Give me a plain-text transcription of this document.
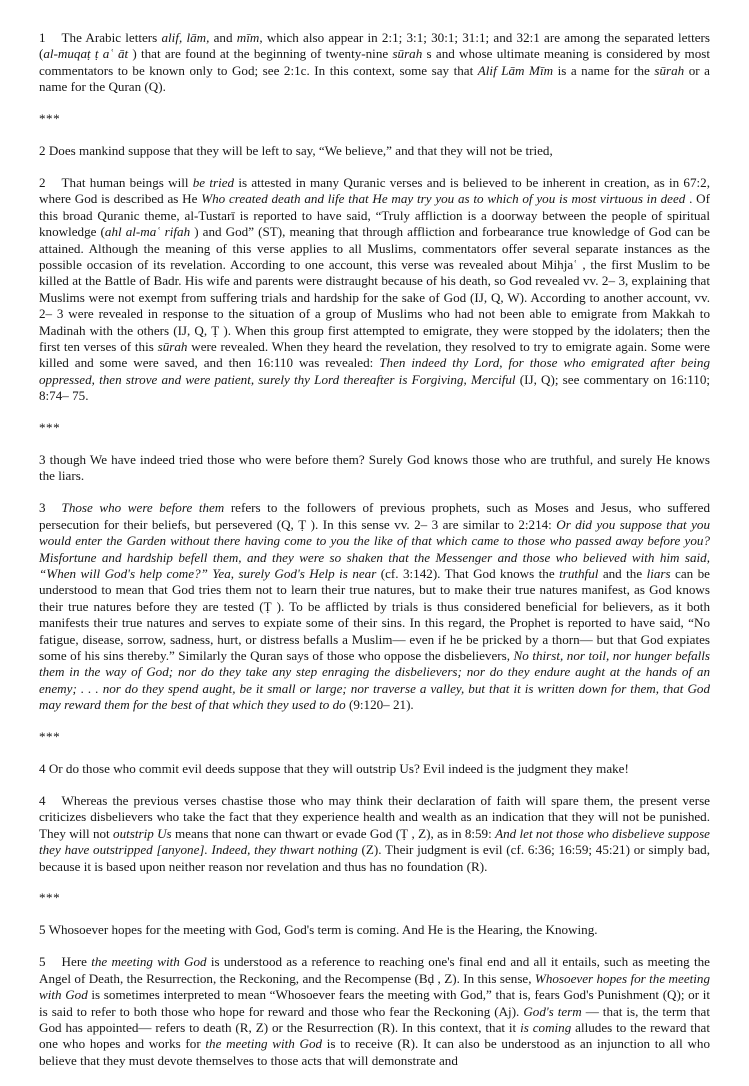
1 The Arabic letters alif, lām, and mīm, which also appear in 2:1; 3:1; 30:1; 31:1; and 32:1 are among the separated letters (al-muqaṭ ṭ aʿ āt ) that are found at the beginning of twenty-nine sūrah s and whose ultimate meaning is considered by most commentators to be known only to God; see 2:1c. In this context, some say that Alif Lām Mīm is a name for the sūrah or a name for the Quran (Q).

***

2 Does mankind suppose that they will be left to say, “We believe,” and that they will not be tried,

2 That human beings will be tried is attested in many Quranic verses and is believed to be inherent in creation, as in 67:2, where God is described as He Who created death and life that He may try you as to which of you is most virtuous in deed . Of this broad Quranic theme, al-Tustarī is reported to have said, “Truly affliction is a doorway between the people of spiritual knowledge (ahl al-maʿ rifah ) and God” (ST), meaning that through affliction and forbearance true knowledge of God can be attained. Although the meaning of this verse applies to all Muslims, commentators offer several separate instances as the possible occasion of its revelation. According to one account, this verse was revealed about Mihjaʿ , the first Muslim to be killed at the Battle of Badr. His wife and parents were distraught because of his death, so God revealed vv. 2– 3, explaining that Muslims were not exempt from suffering trials and hardship for the sake of God (IJ, Q, W). According to another account, vv. 2– 3 were revealed in response to the situation of a group of Muslims who had not been able to emigrate from Makkah to Madinah with the others (IJ, Q, Ṭ ). When this group first attempted to emigrate, they were stopped by the idolaters; then the first ten verses of this sūrah were revealed. When they heard the revelation, they resolved to try to emigrate again. Some were killed and some were saved, and then 16:110 was revealed: Then indeed thy Lord, for those who emigrated after being oppressed, then strove and were patient, surely thy Lord thereafter is Forgiving, Merciful (IJ, Q); see commentary on 16:110; 8:74– 75.

***

3 though We have indeed tried those who were before them? Surely God knows those who are truthful, and surely He knows the liars.

3 Those who were before them refers to the followers of previous prophets, such as Moses and Jesus, who suffered persecution for their beliefs, but persevered (Q, Ṭ ). In this sense vv. 2– 3 are similar to 2:214: Or did you suppose that you would enter the Garden without there having come to you the like of that which came to those who passed away before you? Misfortune and hardship befell them, and they were so shaken that the Messenger and those who believed with him said, “When will God's help come?” Yea, surely God's Help is near (cf. 3:142). That God knows the truthful and the liars can be understood to mean that God tries them not to learn their true natures, but to make their true natures manifest, as God knows their true natures before they are tested (Ṭ ). To be afflicted by trials is thus considered beneficial for believers, as it both manifests their true natures and serves to expiate some of their sins. In this regard, the Prophet is reported to have said, “No fatigue, disease, sorrow, sadness, hurt, or distress befalls a Muslim— even if he be pricked by a thorn— but that God expiates some of his sins thereby.” Similarly the Quran says of those who oppose the disbelievers, No thirst, nor toil, nor hunger befalls them in the way of God; nor do they take any step enraging the disbelievers; nor do they endure aught at the hands of an enemy; . . . nor do they spend aught, be it small or large; nor traverse a valley, but that it is written down for them, that God may reward them for the best of that which they used to do (9:120– 21).

***

4 Or do those who commit evil deeds suppose that they will outstrip Us? Evil indeed is the judgment they make!

4 Whereas the previous verses chastise those who may think their declaration of faith will spare them, the present verse criticizes disbelievers who take the fact that they experience health and wealth as an indication that they will not be punished. They will not outstrip Us means that none can thwart or evade God (Ṭ , Z), as in 8:59: And let not those who disbelieve suppose they have outstripped [anyone]. Indeed, they thwart nothing (Z). Their judgment is evil (cf. 6:36; 16:59; 45:21) or simply bad, because it is based upon neither reason nor revelation and thus has no foundation (R).

***

5 Whosoever hopes for the meeting with God, God's term is coming. And He is the Hearing, the Knowing.

5 Here the meeting with God is understood as a reference to reaching one's final end and all it entails, such as meeting the Angel of Death, the Resurrection, the Reckoning, and the Recompense (Bḍ , Z). In this sense, Whosoever hopes for the meeting with God is sometimes interpreted to mean “Whosoever fears the meeting with God,” that is, fears God's Punishment (Q); or it is said to refer to both those who hope for reward and those who fear the Reckoning (Aj). God's term — that is, the term that God has appointed— refers to death (R, Z) or the Resurrection (R). In this context, that it is coming alludes to the reward that one who hopes and works for the meeting with God is to receive (R). It can also be understood as an injunction to all who believe that they must devote themselves to those acts that will demonstrate and
